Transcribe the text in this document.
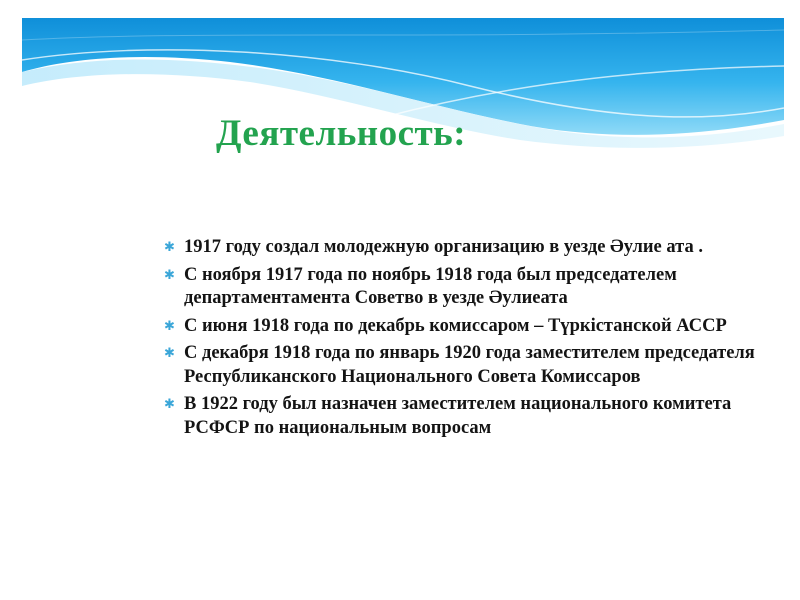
Деятельность:
✱ 1917 году создал молодежную организацию в уезде Әулие ата .
✱ С ноября 1917 года по ноябрь 1918 года был председателем департаментамента Советво в уезде Әулиеата
✱ С июня 1918 года по декабрь комиссаром – Түркістанской АССР
✱ С декабря 1918 года по январь 1920 года заместителем председателя Республиканского Национального Совета Комиссаров
✱ В 1922 году был назначен заместителем национального комитета РСФСР по национальным вопросам
